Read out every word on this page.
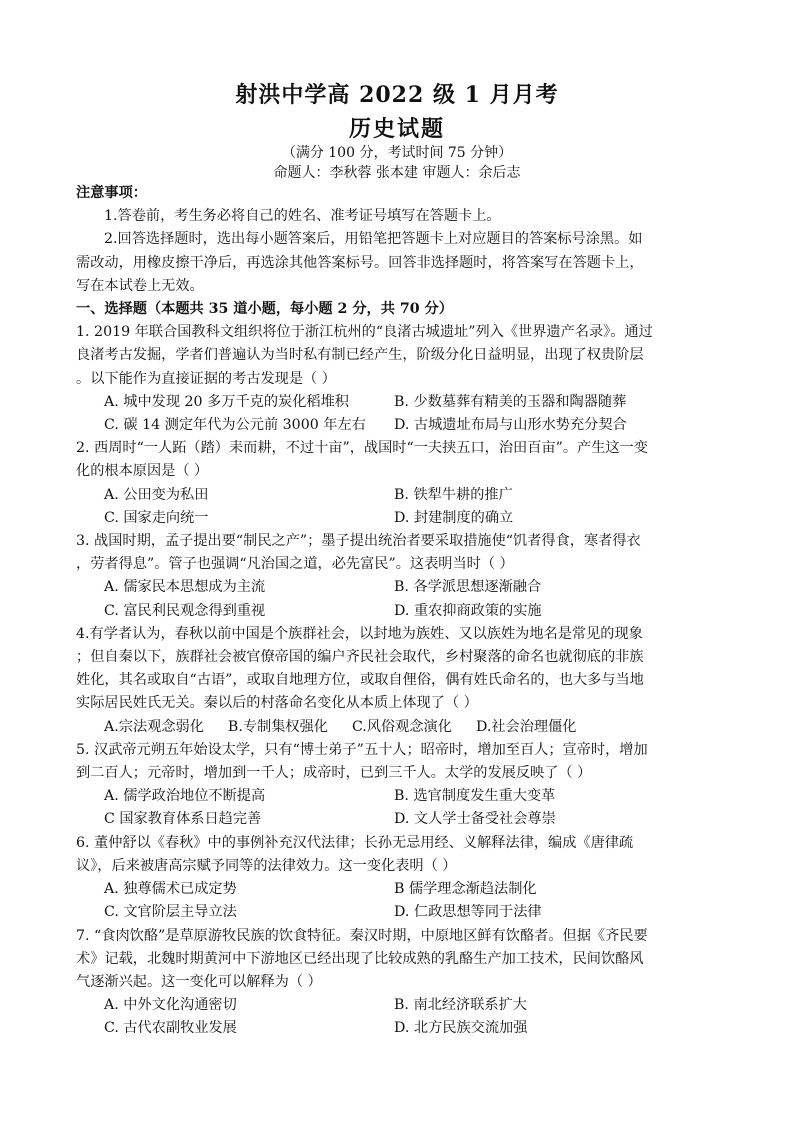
射洪中学高 2022 级 1 月月考
历史试题
（满分 100 分，考试时间 75 分钟）
命题人：李秋蓉 张本建 审题人：余后志
注意事项：
1.答卷前，考生务必将自己的姓名、准考证号填写在答题卡上。
2.回答选择题时，选出每小题答案后，用铅笔把答题卡上对应题目的答案标号涂黑。如
需改动，用橡皮擦干净后，再选涂其他答案标号。回答非选择题时，将答案写在答题卡上，
写在本试卷上无效。
一、选择题（本题共 35 道小题，每小题 2 分，共 70 分）
1. 2019 年联合国教科文组织将位于浙江杭州的“良渚古城遗址”列入《世界遗产名录》。通过
良渚考古发掘，学者们普遍认为当时私有制已经产生，阶级分化日益明显，出现了权贵阶层
。以下能作为直接证据的考古发现是（ ）
A. 城中发现 20 多万千克的炭化稻堆积	B. 少数墓葬有精美的玉器和陶器随葬
C. 碳 14 测定年代为公元前 3000 年左右	D. 古城遗址布局与山形水势充分契合
2. 西周时“一人跖（踏）耒而耕，不过十亩”，战国时“一夫挟五口，治田百亩”。产生这一变
化的根本原因是（ ）
A. 公田变为私田	B. 铁犁牛耕的推广
C. 国家走向统一	D. 封建制度的确立
3. 战国时期，孟子提出要“制民之产”；墨子提出统治者要采取措施使“饥者得食，寒者得衣
，劳者得息”。管子也强调“凡治国之道，必先富民”。这表明当时（ ）
A. 儒家民本思想成为主流	B. 各学派思想逐渐融合
C. 富民利民观念得到重视	D. 重农抑商政策的实施
4.有学者认为，春秋以前中国是个族群社会，以封地为族姓、又以族姓为地名是常见的现象
；但自秦以下，族群社会被官僚帝国的编户齐民社会取代，乡村聚落的命名也就彻底的非族
姓化，其名或取自“古语”，或取自地理方位，或取自俚俗，偶有姓氏命名的，也大多与当地
实际居民姓氏无关。秦以后的村落命名变化从本质上体现了（ ）
A.宗法观念弱化 B.专制集权强化 C.风俗观念演化 D.社会治理僵化
5. 汉武帝元朔五年始设太学，只有“博士弟子”五十人；昭帝时，增加至百人；宣帝时，增加
到二百人；元帝时，增加到一千人；成帝时，已到三千人。太学的发展反映了（ ）
A. 儒学政治地位不断提高	B. 选官制度发生重大变革
C 国家教育体系日趋完善	D. 文人学士备受社会尊崇
6. 董仲舒以《春秋》中的事例补充汉代法律；长孙无忌用经、义解释法律，编成《唐律疏
议》，后来被唐高宗赋予同等的法律效力。这一变化表明（ ）
A. 独尊儒术已成定势	B 儒学理念渐趋法制化
C. 文官阶层主导立法	D. 仁政思想等同于法律
7. “食肉饮酪”是草原游牧民族的饮食特征。秦汉时期，中原地区鲜有饮酪者。但据《齐民要
术》记载，北魏时期黄河中下游地区已经出现了比较成熟的乳酪生产加工技术，民间饮酪风
气逐渐兴起。这一变化可以解释为（ ）
A. 中外文化沟通密切	B. 南北经济联系扩大
C. 古代农副牧业发展	D. 北方民族交流加强
